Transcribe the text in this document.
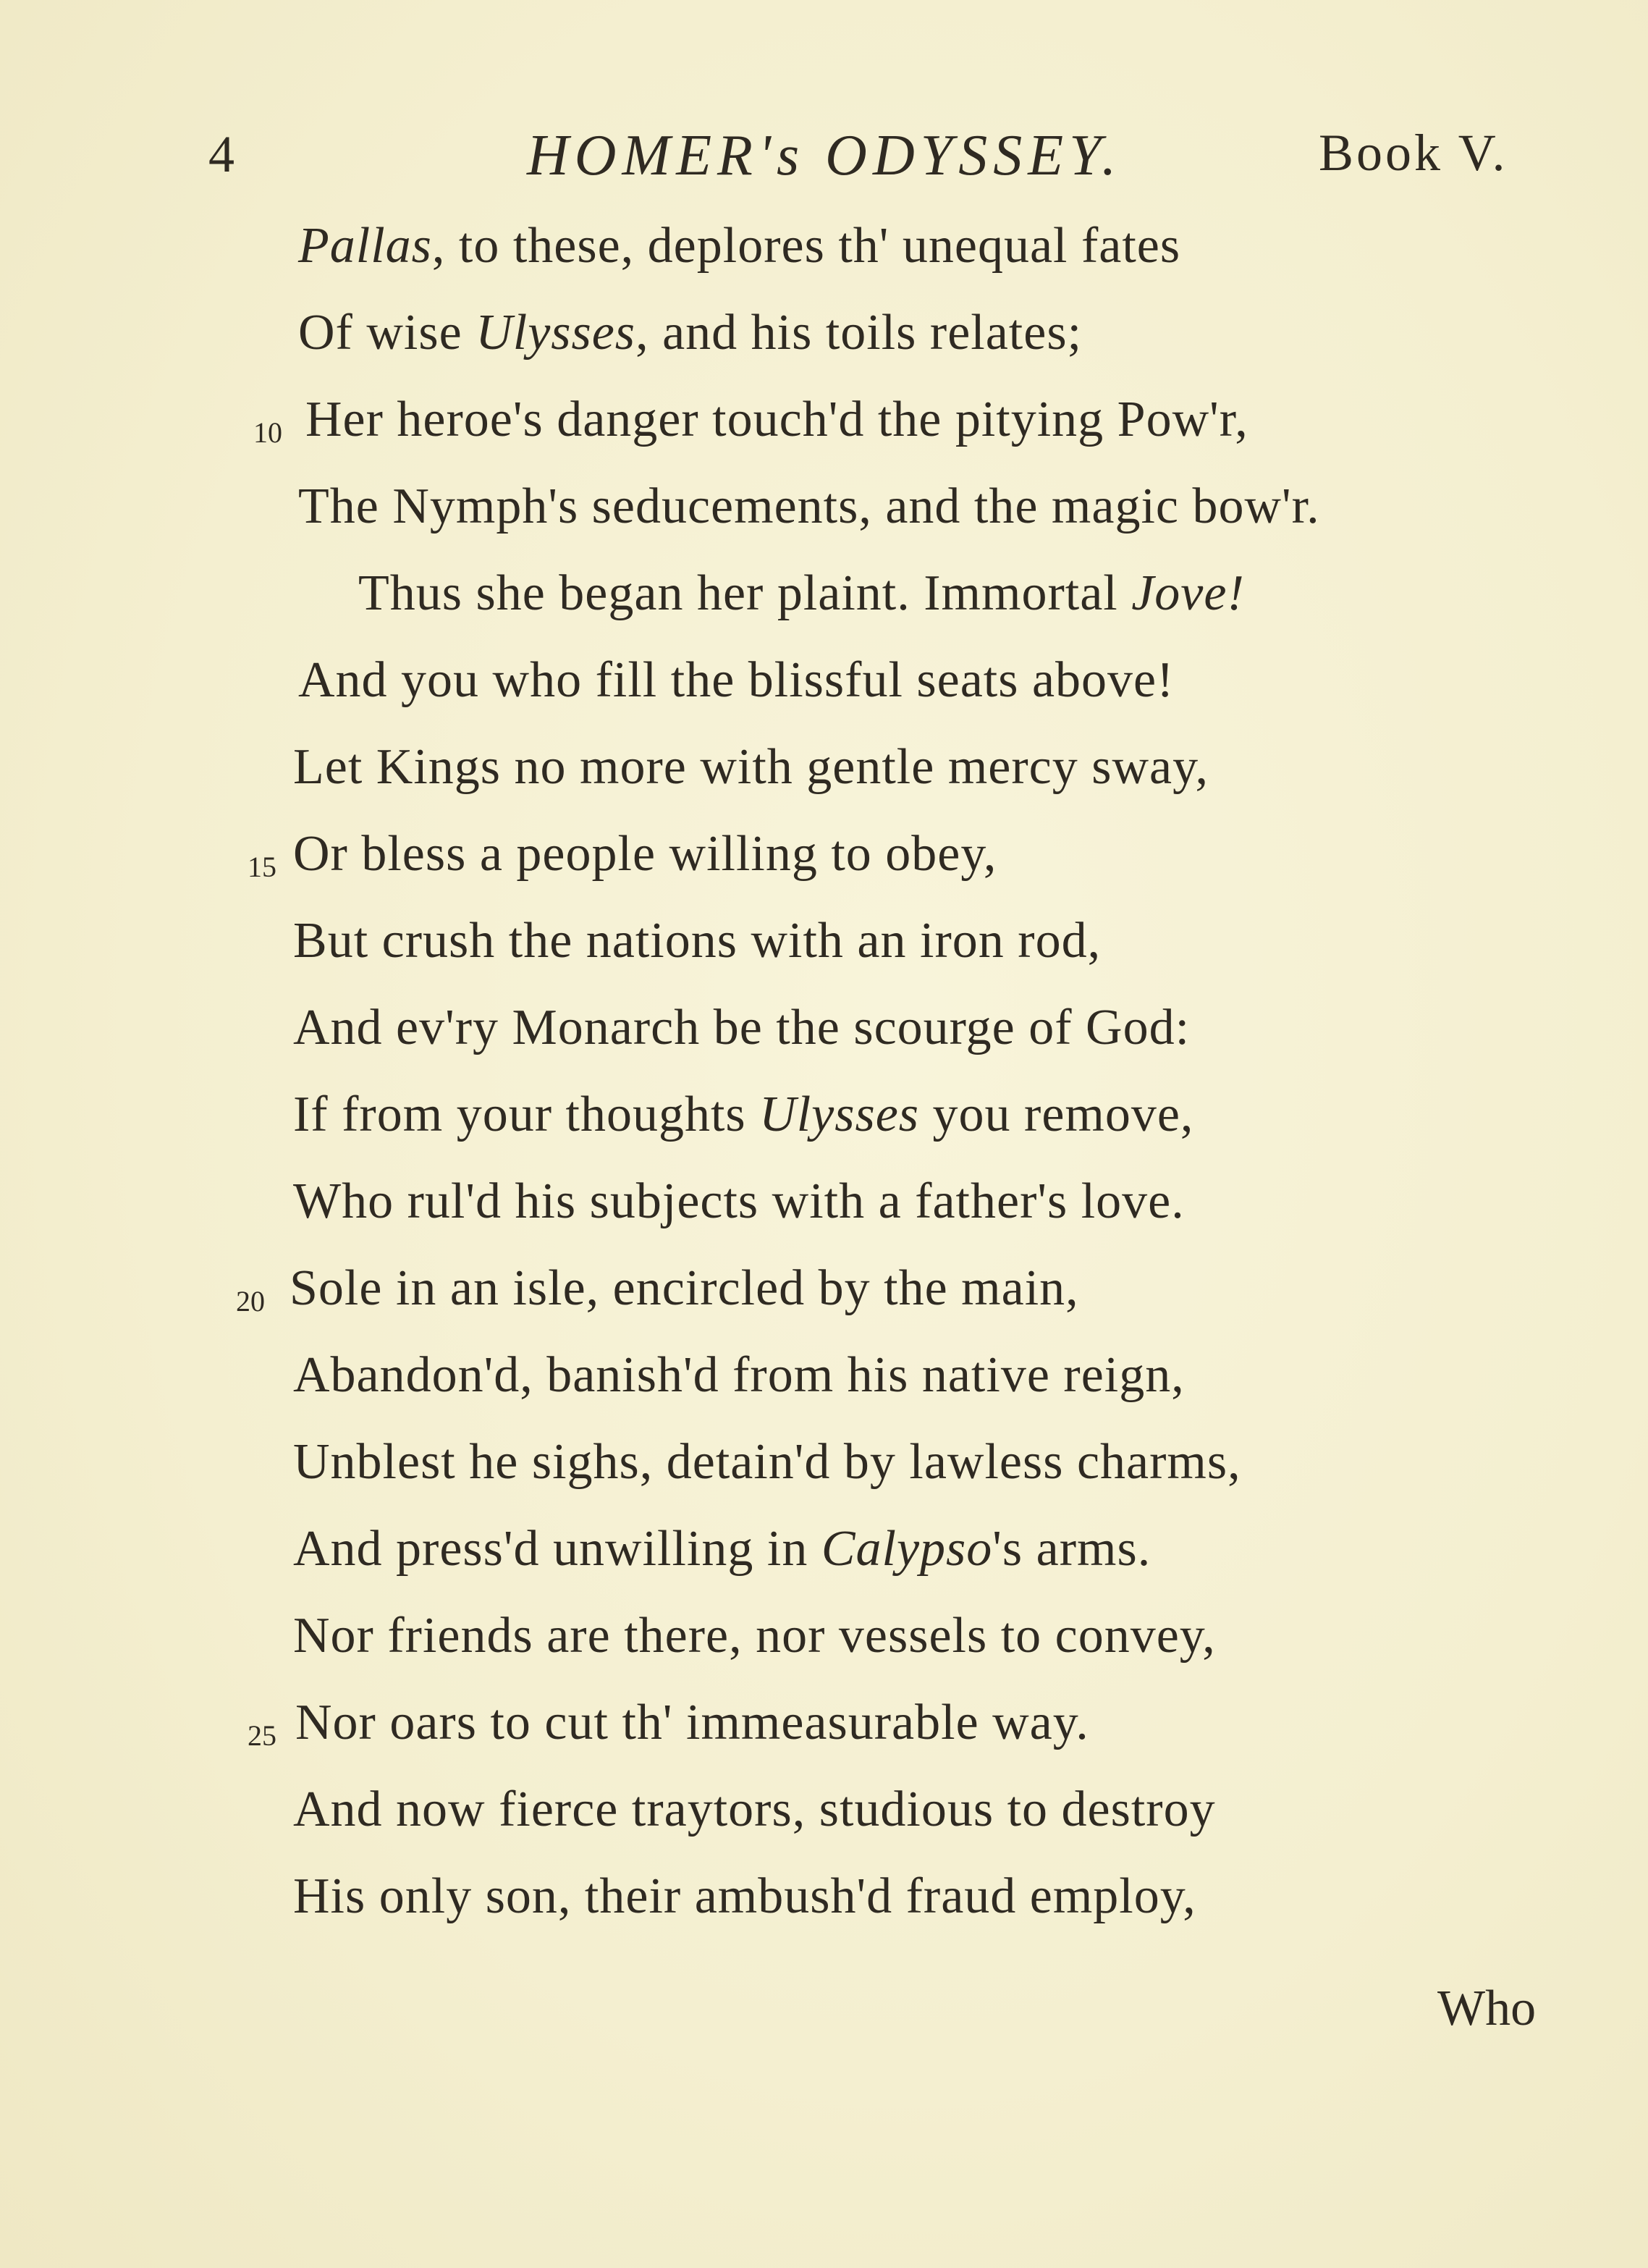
4	HOMER's ODYSSEY.	Book V.
Pallas, to these, deplores th' unequal fates
Of wise Ulysses, and his toils relates;
10 Her heroe's danger touch'd the pitying Pow'r,
The Nymph's seducements, and the magic bow'r.
Thus she began her plaint. Immortal Jove!
And you who fill the blissful seats above!
Let Kings no more with gentle mercy sway,
15 Or bless a people willing to obey,
But crush the nations with an iron rod,
And ev'ry Monarch be the scourge of God:
If from your thoughts Ulysses you remove,
Who rul'd his subjects with a father's love.
20 Sole in an isle, encircled by the main,
Abandon'd, banish'd from his native reign,
Unblest he sighs, detain'd by lawless charms,
And press'd unwilling in Calypso's arms.
Nor friends are there, nor vessels to convey,
25 Nor oars to cut th' immeasurable way.
And now fierce traytors, studious to destroy
His only son, their ambush'd fraud employ,
Who
